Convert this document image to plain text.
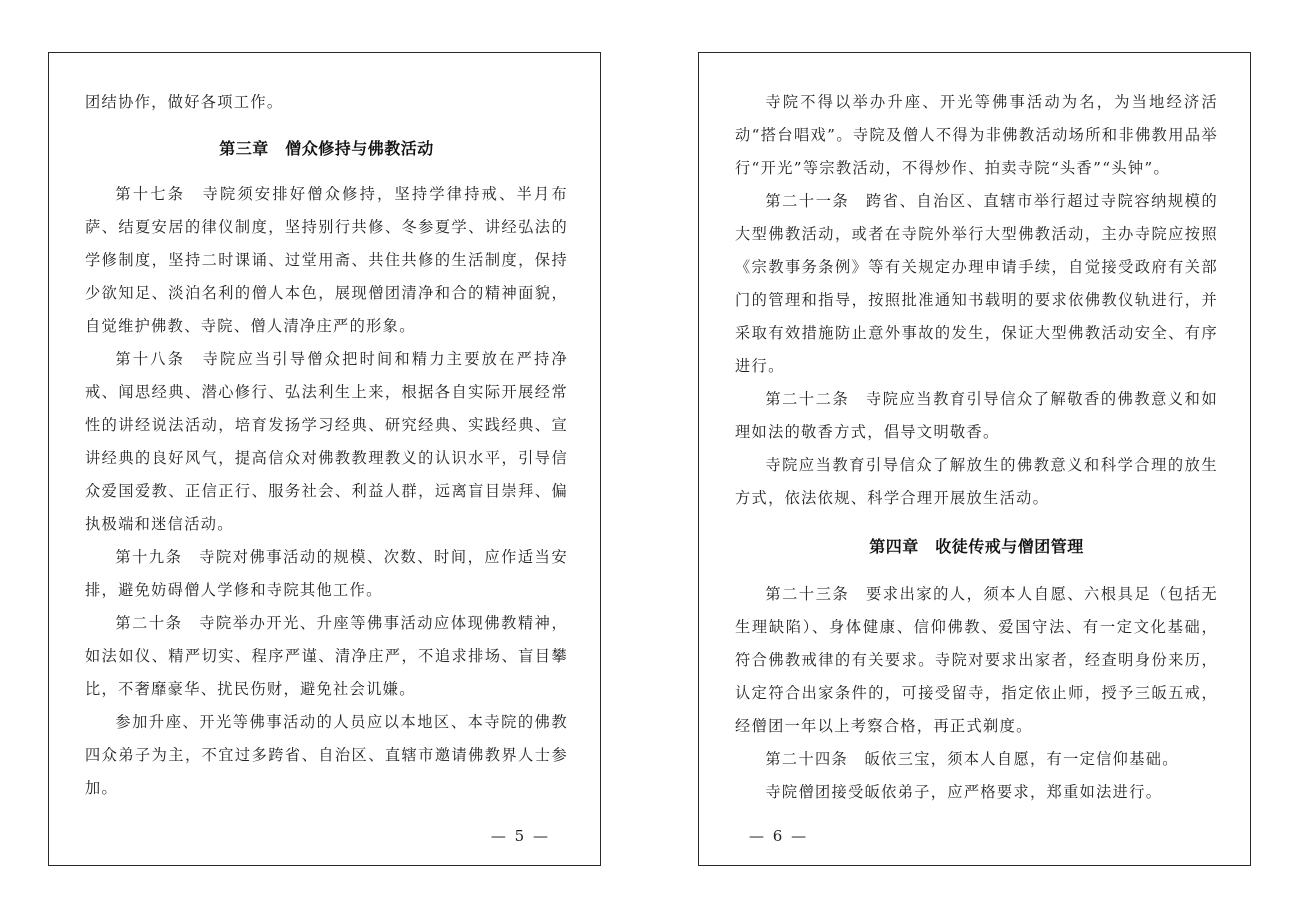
团结协作，做好各项工作。

第三章　僧众修持与佛教活动

第十七条　寺院须安排好僧众修持，坚持学律持戒、半月布萨、结夏安居的律仪制度，坚持别行共修、冬参夏学、讲经弘法的学修制度，坚持二时课诵、过堂用斋、共住共修的生活制度，保持少欲知足、淡泊名利的僧人本色，展现僧团清净和合的精神面貌，自觉维护佛教、寺院、僧人清净庄严的形象。

第十八条　寺院应当引导僧众把时间和精力主要放在严持净戒、闻思经典、潜心修行、弘法利生上来，根据各自实际开展经常性的讲经说法活动，培育发扬学习经典、研究经典、实践经典、宣讲经典的良好风气，提高信众对佛教教理教义的认识水平，引导信众爱国爱教、正信正行、服务社会、利益人群，远离盲目崇拜、偏执极端和迷信活动。

第十九条　寺院对佛事活动的规模、次数、时间，应作适当安排，避免妨碍僧人学修和寺院其他工作。

第二十条　寺院举办开光、升座等佛事活动应体现佛教精神，如法如仪、精严切实、程序严谨、清净庄严，不追求排场、盲目攀比，不奢靡豪华、扰民伤财，避免社会讥嫌。

参加升座、开光等佛事活动的人员应以本地区、本寺院的佛教四众弟子为主，不宜过多跨省、自治区、直辖市邀请佛教界人士参加。

— 5 —

寺院不得以举办升座、开光等佛事活动为名，为当地经济活动“搭台唱戏”。寺院及僧人不得为非佛教活动场所和非佛教用品举行“开光”等宗教活动，不得炒作、拍卖寺院“头香”“头钟”。

第二十一条　跨省、自治区、直辖市举行超过寺院容纳规模的大型佛教活动，或者在寺院外举行大型佛教活动，主办寺院应按照《宗教事务条例》等有关规定办理申请手续，自觉接受政府有关部门的管理和指导，按照批准通知书载明的要求依佛教仪轨进行，并采取有效措施防止意外事故的发生，保证大型佛教活动安全、有序进行。

第二十二条　寺院应当教育引导信众了解敬香的佛教意义和如理如法的敬香方式，倡导文明敬香。

寺院应当教育引导信众了解放生的佛教意义和科学合理的放生方式，依法依规、科学合理开展放生活动。

第四章　收徒传戒与僧团管理

第二十三条　要求出家的人，须本人自愿、六根具足（包括无生理缺陷）、身体健康、信仰佛教、爱国守法、有一定文化基础，符合佛教戒律的有关要求。寺院对要求出家者，经查明身份来历，认定符合出家条件的，可接受留寺，指定依止师，授予三皈五戒，经僧团一年以上考察合格，再正式剃度。

第二十四条　皈依三宝，须本人自愿，有一定信仰基础。

寺院僧团接受皈依弟子，应严格要求，郑重如法进行。

— 6 —
